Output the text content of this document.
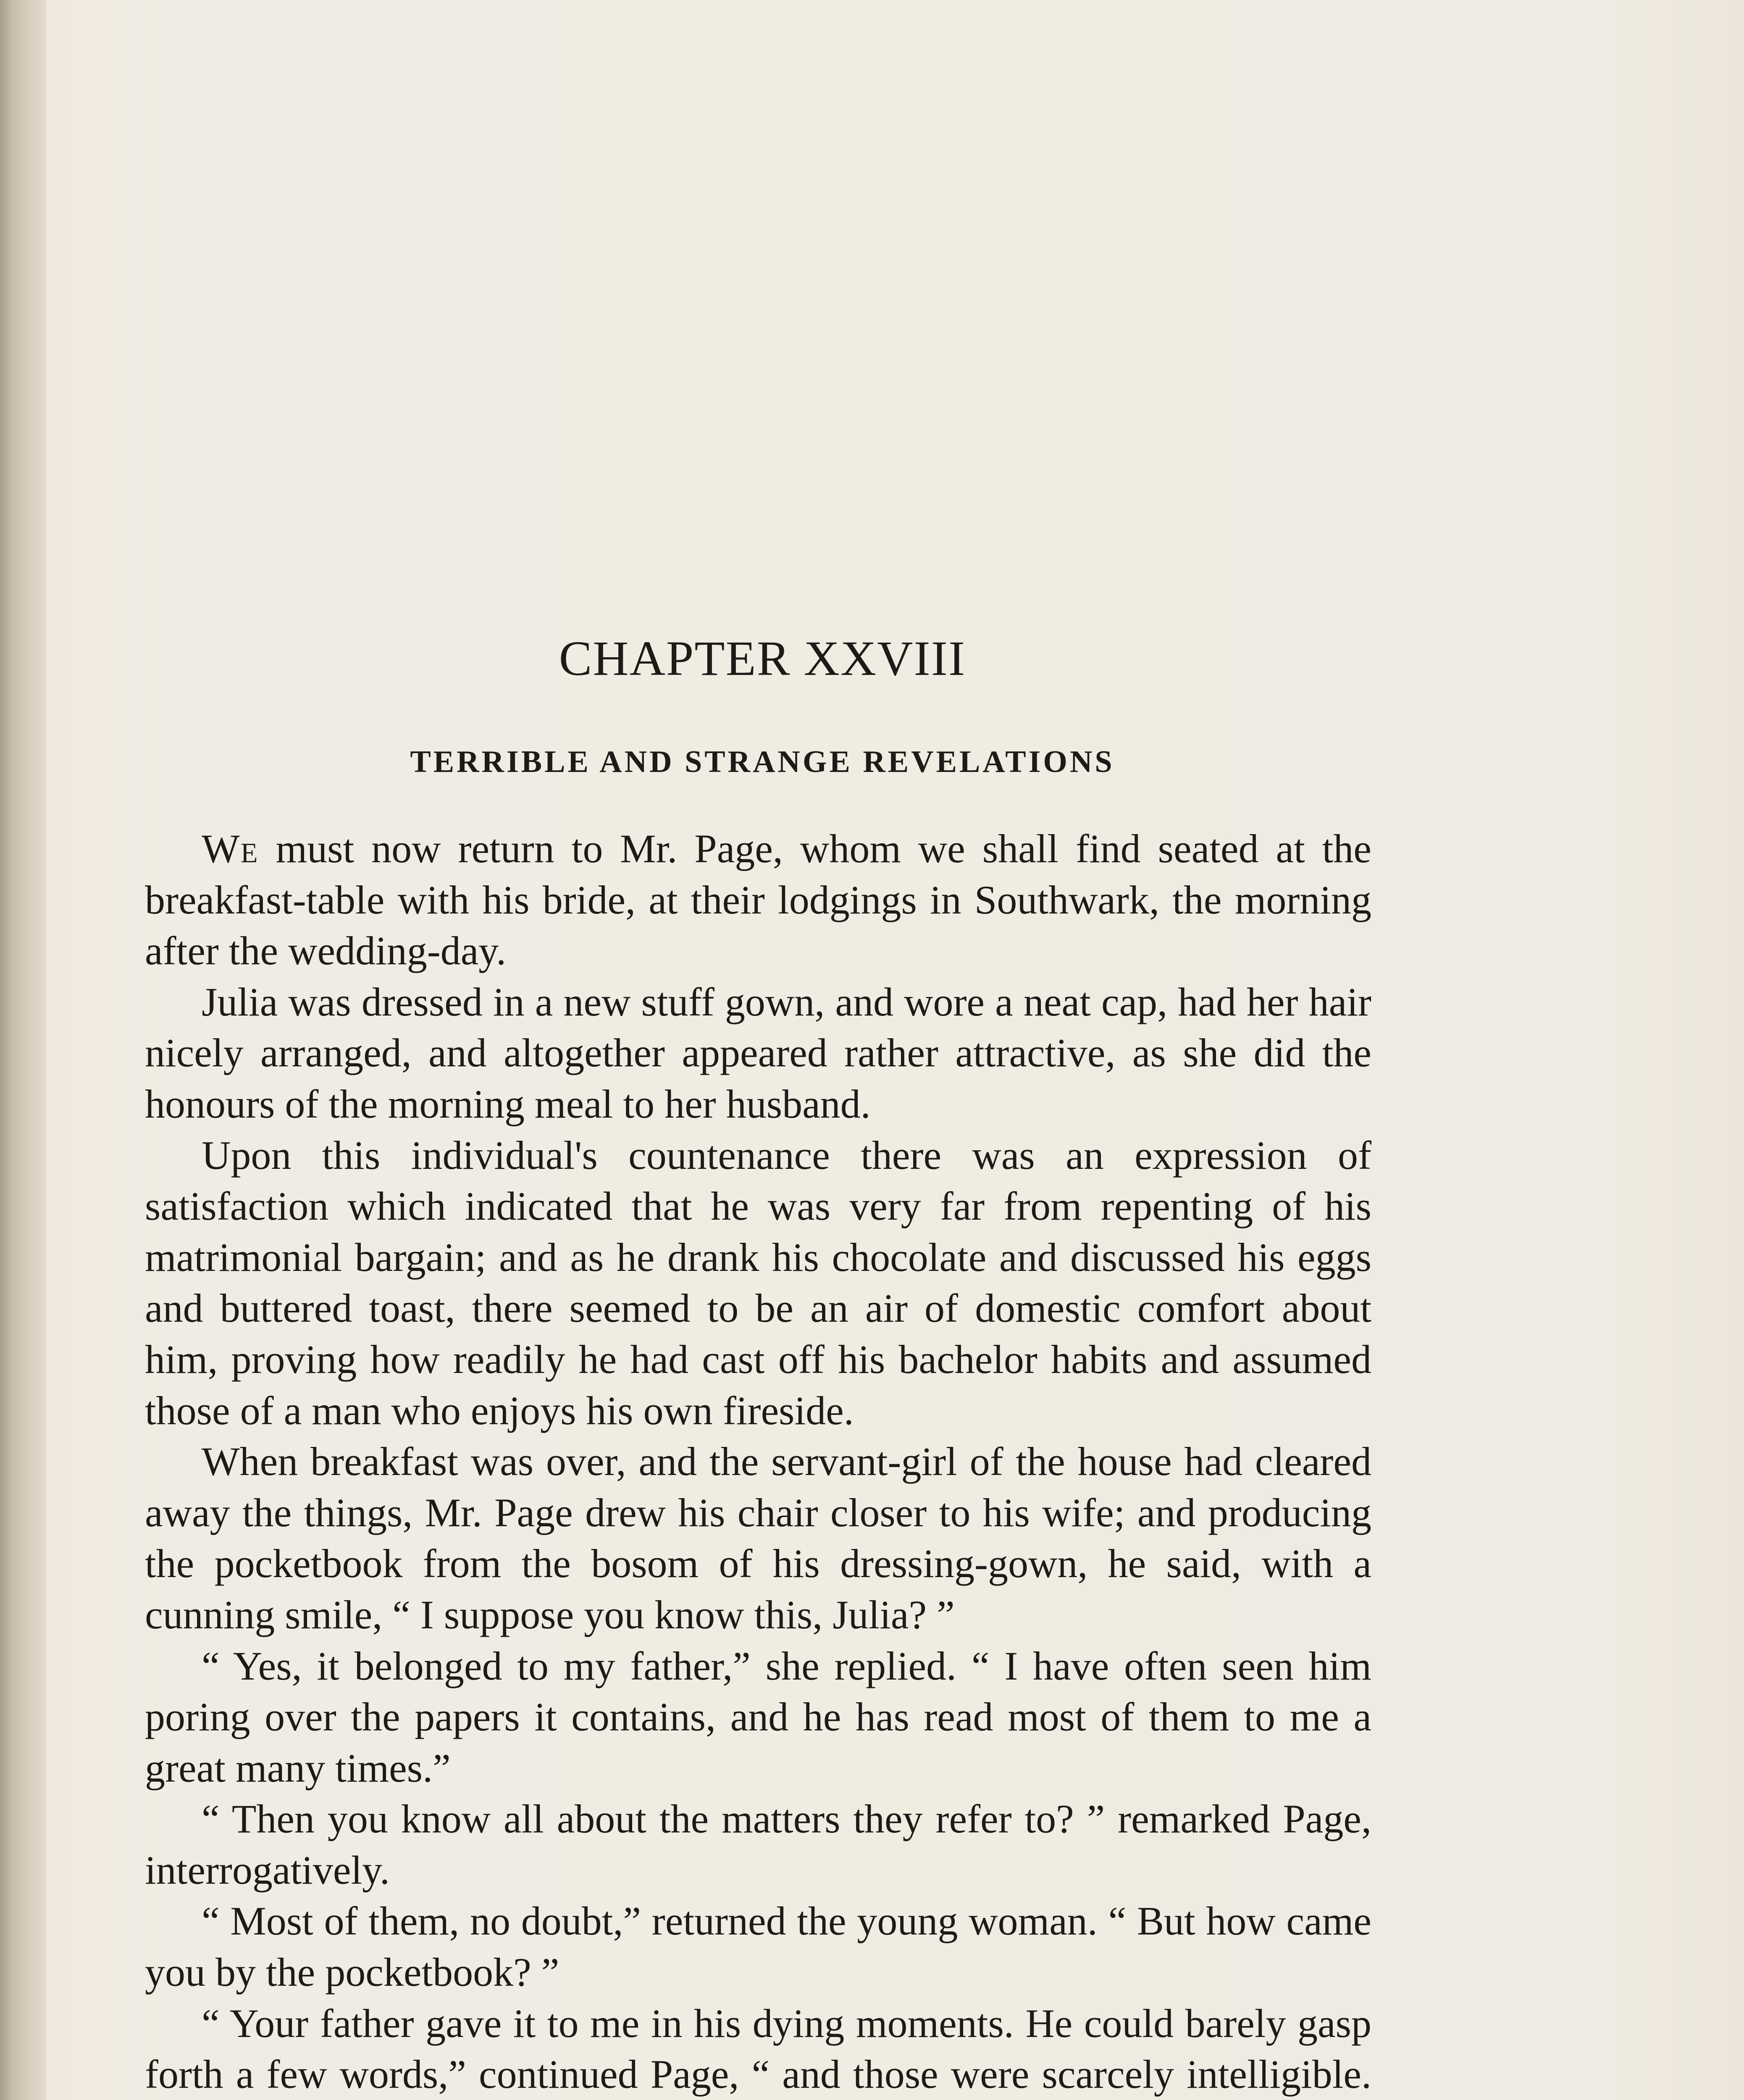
CHAPTER XXVIII
TERRIBLE AND STRANGE REVELATIONS

We must now return to Mr. Page, whom we shall find seated at the breakfast-table with his bride, at their lodgings in Southwark, the morning after the wedding-day.

Julia was dressed in a new stuff gown, and wore a neat cap, had her hair nicely arranged, and altogether appeared rather attractive, as she did the honours of the morning meal to her husband.

Upon this individual's countenance there was an expression of satisfaction which indicated that he was very far from repenting of his matrimonial bargain; and as he drank his chocolate and discussed his eggs and buttered toast, there seemed to be an air of domestic comfort about him, proving how readily he had cast off his bachelor habits and assumed those of a man who enjoys his own fireside.

When breakfast was over, and the servant-girl of the house had cleared away the things, Mr. Page drew his chair closer to his wife; and producing the pocketbook from the bosom of his dressing-gown, he said, with a cunning smile, “ I suppose you know this, Julia? ”

“ Yes, it belonged to my father,” she replied. “ I have often seen him poring over the papers it contains, and he has read most of them to me a great many times.”

“ Then you know all about the matters they refer to? ” remarked Page, interrogatively.

“ Most of them, no doubt,” returned the young woman. “ But how came you by the pocketbook? ”

“ Your father gave it to me in his dying moments. He could barely gasp forth a few words,” continued Page, “ and those were scarcely intelligible.
